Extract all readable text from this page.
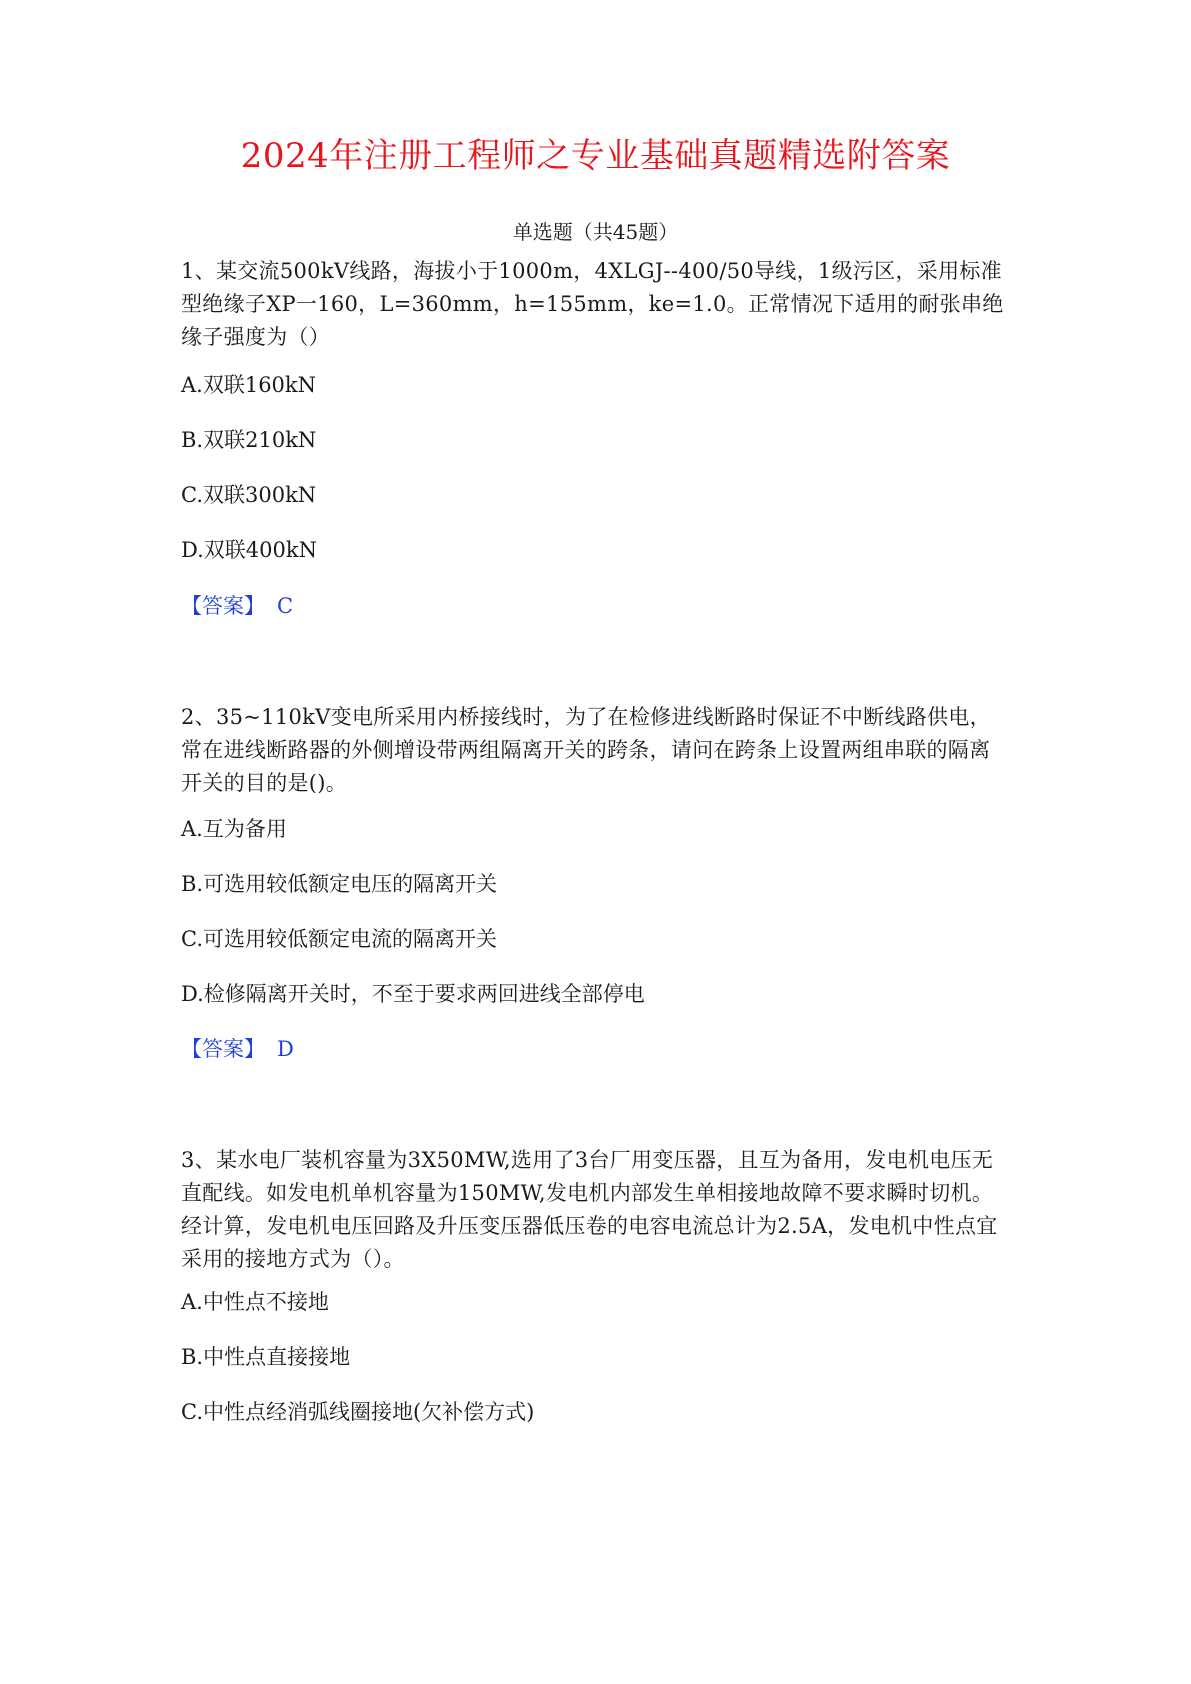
2024年注册工程师之专业基础真题精选附答案
单选题（共45题）

1、某交流500kV线路，海拔小于1000m，4XLGJ--400/50导线，1级污区，采用标准型绝缘子XP一160，L=360mm，h=155mm，ke=1.0。正常情况下适用的耐张串绝缘子强度为（）

A.双联160kN

B.双联210kN

C.双联300kN

D.双联400kN

【答案】 C

2、35~110kV变电所采用内桥接线时，为了在检修进线断路时保证不中断线路供电，常在进线断路器的外侧增设带两组隔离开关的跨条，请问在跨条上设置两组串联的隔离开关的目的是()。

A.互为备用

B.可选用较低额定电压的隔离开关

C.可选用较低额定电流的隔离开关

D.检修隔离开关时，不至于要求两回进线全部停电

【答案】 D

3、某水电厂装机容量为3X50MW,选用了3台厂用变压器，且互为备用，发电机电压无直配线。如发电机单机容量为150MW,发电机内部发生单相接地故障不要求瞬时切机。经计算，发电机电压回路及升压变压器低压卷的电容电流总计为2.5A，发电机中性点宜采用的接地方式为（）。

A.中性点不接地

B.中性点直接接地

C.中性点经消弧线圈接地(欠补偿方式)
